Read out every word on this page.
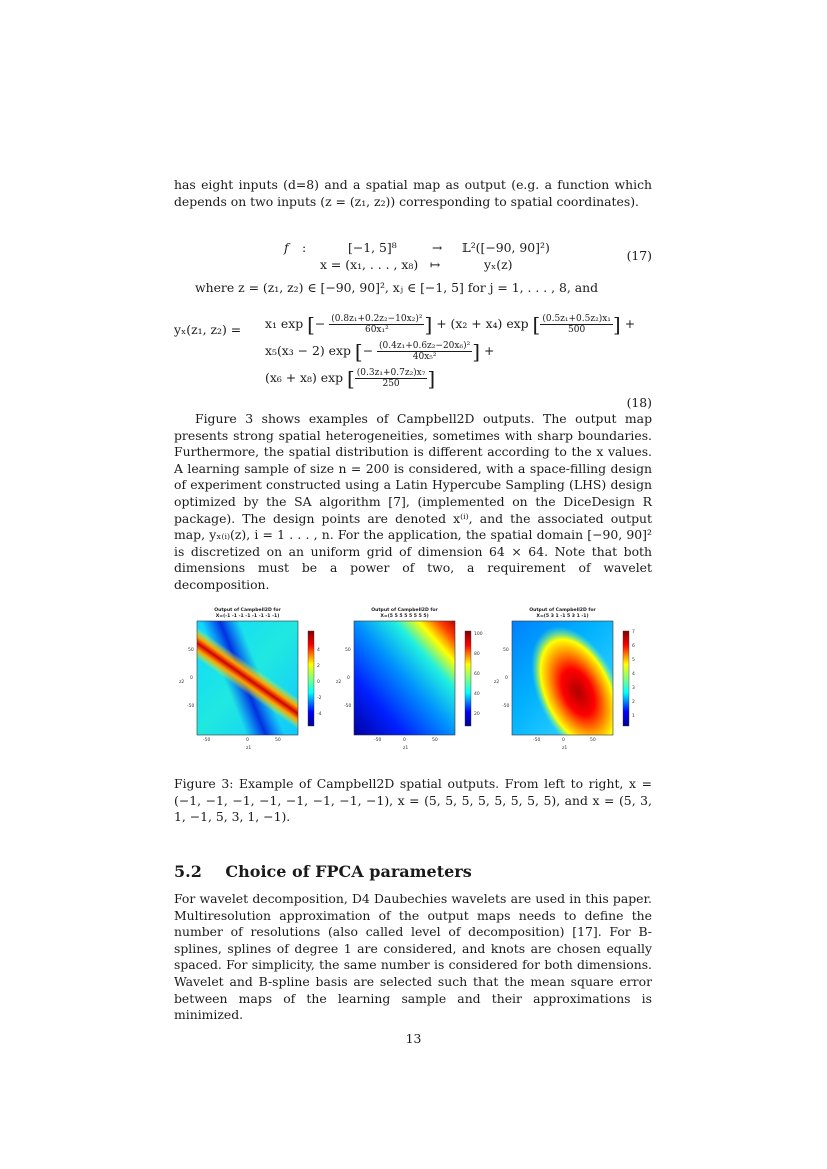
has eight inputs (d=8) and a spatial map as output (e.g. a function which depends on two inputs (z = (z₁, z₂)) corresponding to spatial coordinates).

f :	[−1, 5]⁸	→ 𝕃²([−90, 90]²)
x = (x₁, . . . , x₈) ↦	yₓ(z)
(17)

where z = (z₁, z₂) ∈ [−90, 90]², xⱼ ∈ [−1, 5] for j = 1, . . . , 8, and

yₓ(z₁, z₂) = x₁ exp [− $\frac{\text{(0.8z₁+0.2z₂−10x₂)²}}{\text{60x₁²}}$ ] + (x₂ + x₄) exp [ $\frac{\text{(0.5z₁+0.5z₂)x₁}}{500}$ ] +
x₅(x₃ − 2) exp [− $\frac{\text{(0.4z₁+0.6z₂−20x₆)²}}{\text{40x₅²}}$ ] +
(x₆ + x₈) exp [ $\frac{\text{(0.3z₁+0.7z₂)x₇}}{250}$ ]
(18)

Figure 3 shows examples of Campbell2D outputs. The output map presents strong spatial heterogeneities, sometimes with sharp boundaries. Furthermore, the spatial distribution is different according to the x values. A learning sample of size n = 200 is considered, with a space-filling design of experiment constructed using a Latin Hypercube Sampling (LHS) design optimized by the SA algorithm [7], (implemented on the DiceDesign R package). The design points are denoted x⁽ⁱ⁾, and the associated output map, yₓ₍ᵢ₎(z), i = 1 . . . , n. For the application, the spatial domain [−90, 90]² is discretized on an uniform grid of dimension 64 × 64. Note that both dimensions must be a power of two, a requirement of wavelet decomposition.

Output of Campbell2D for
X=(-1 -1 -1 -1 -1 -1 -1 -1)
Output of Campbell2D for
X=(5 5 5 5 5 5 5 5)
Output of Campbell2D for
X=(5 3 1 -1 5 3 1 -1)
-50	0	50
z1
50
0
-50
z2
4
2
0
-2
-4
-50	0	50
z1
50
0
-50
z2
100
80
60
40
20
-50	0	50
z1
50
0
-50
z2
7
6
5
4
3
2
1

Figure 3: Example of Campbell2D spatial outputs. From left to right, x = (−1, −1, −1, −1, −1, −1, −1, −1), x = (5, 5, 5, 5, 5, 5, 5, 5), and x = (5, 3, 1, −1, 5, 3, 1, −1).

5.2 Choice of FPCA parameters

For wavelet decomposition, D4 Daubechies wavelets are used in this paper. Multiresolution approximation of the output maps needs to define the number of resolutions (also called level of decomposition) [17]. For B-splines, splines of degree 1 are considered, and knots are chosen equally spaced. For simplicity, the same number is considered for both dimensions. Wavelet and B-spline basis are selected such that the mean square error between maps of the learning sample and their approximations is minimized.

13
